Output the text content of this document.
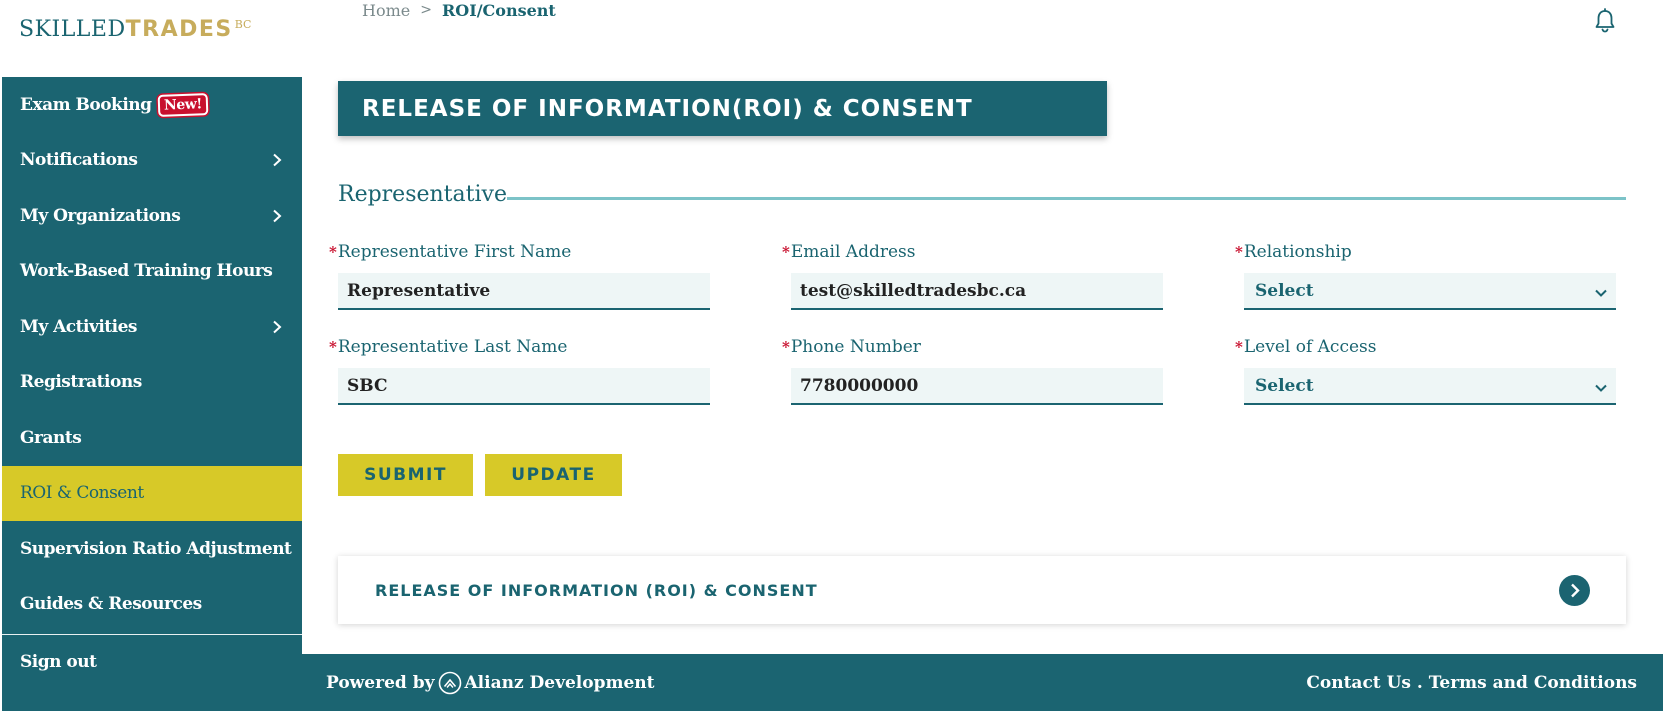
SKILLED TRADES BC
Home > ROI/Consent
Exam Booking New!
Notifications
My Organizations
Work-Based Training Hours
My Activities
Registrations
Grants
ROI & Consent
Supervision Ratio Adjustment
Guides & Resources
Sign out
RELEASE OF INFORMATION(ROI) & CONSENT
Representative
*Representative First Name
Representative
*Email Address
test@skilledtradesbc.ca
*Relationship
Select
*Representative Last Name
SBC
*Phone Number
7780000000
*Level of Access
Select
SUBMIT	UPDATE
RELEASE OF INFORMATION (ROI) & CONSENT
Powered by Alianz Development	Contact Us . Terms and Conditions
